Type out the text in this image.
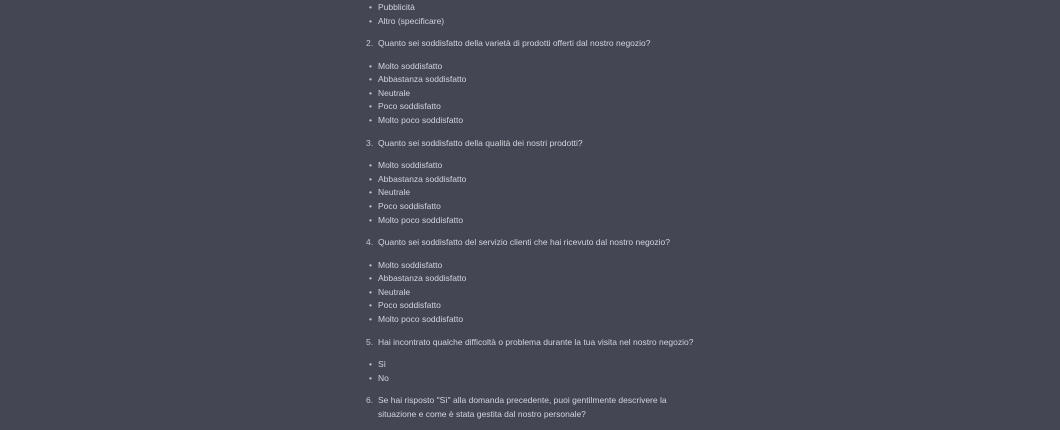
• Pubblicità
• Altro (specificare)
2. Quanto sei soddisfatto della varietà di prodotti offerti dal nostro negozio?
• Molto soddisfatto
• Abbastanza soddisfatto
• Neutrale
• Poco soddisfatto
• Molto poco soddisfatto
3. Quanto sei soddisfatto della qualità dei nostri prodotti?
• Molto soddisfatto
• Abbastanza soddisfatto
• Neutrale
• Poco soddisfatto
• Molto poco soddisfatto
4. Quanto sei soddisfatto del servizio clienti che hai ricevuto dal nostro negozio?
• Molto soddisfatto
• Abbastanza soddisfatto
• Neutrale
• Poco soddisfatto
• Molto poco soddisfatto
5. Hai incontrato qualche difficoltà o problema durante la tua visita nel nostro negozio?
• Sì
• No
6. Se hai risposto "Sì" alla domanda precedente, puoi gentilmente descrivere la situazione e come è stata gestita dal nostro personale?
